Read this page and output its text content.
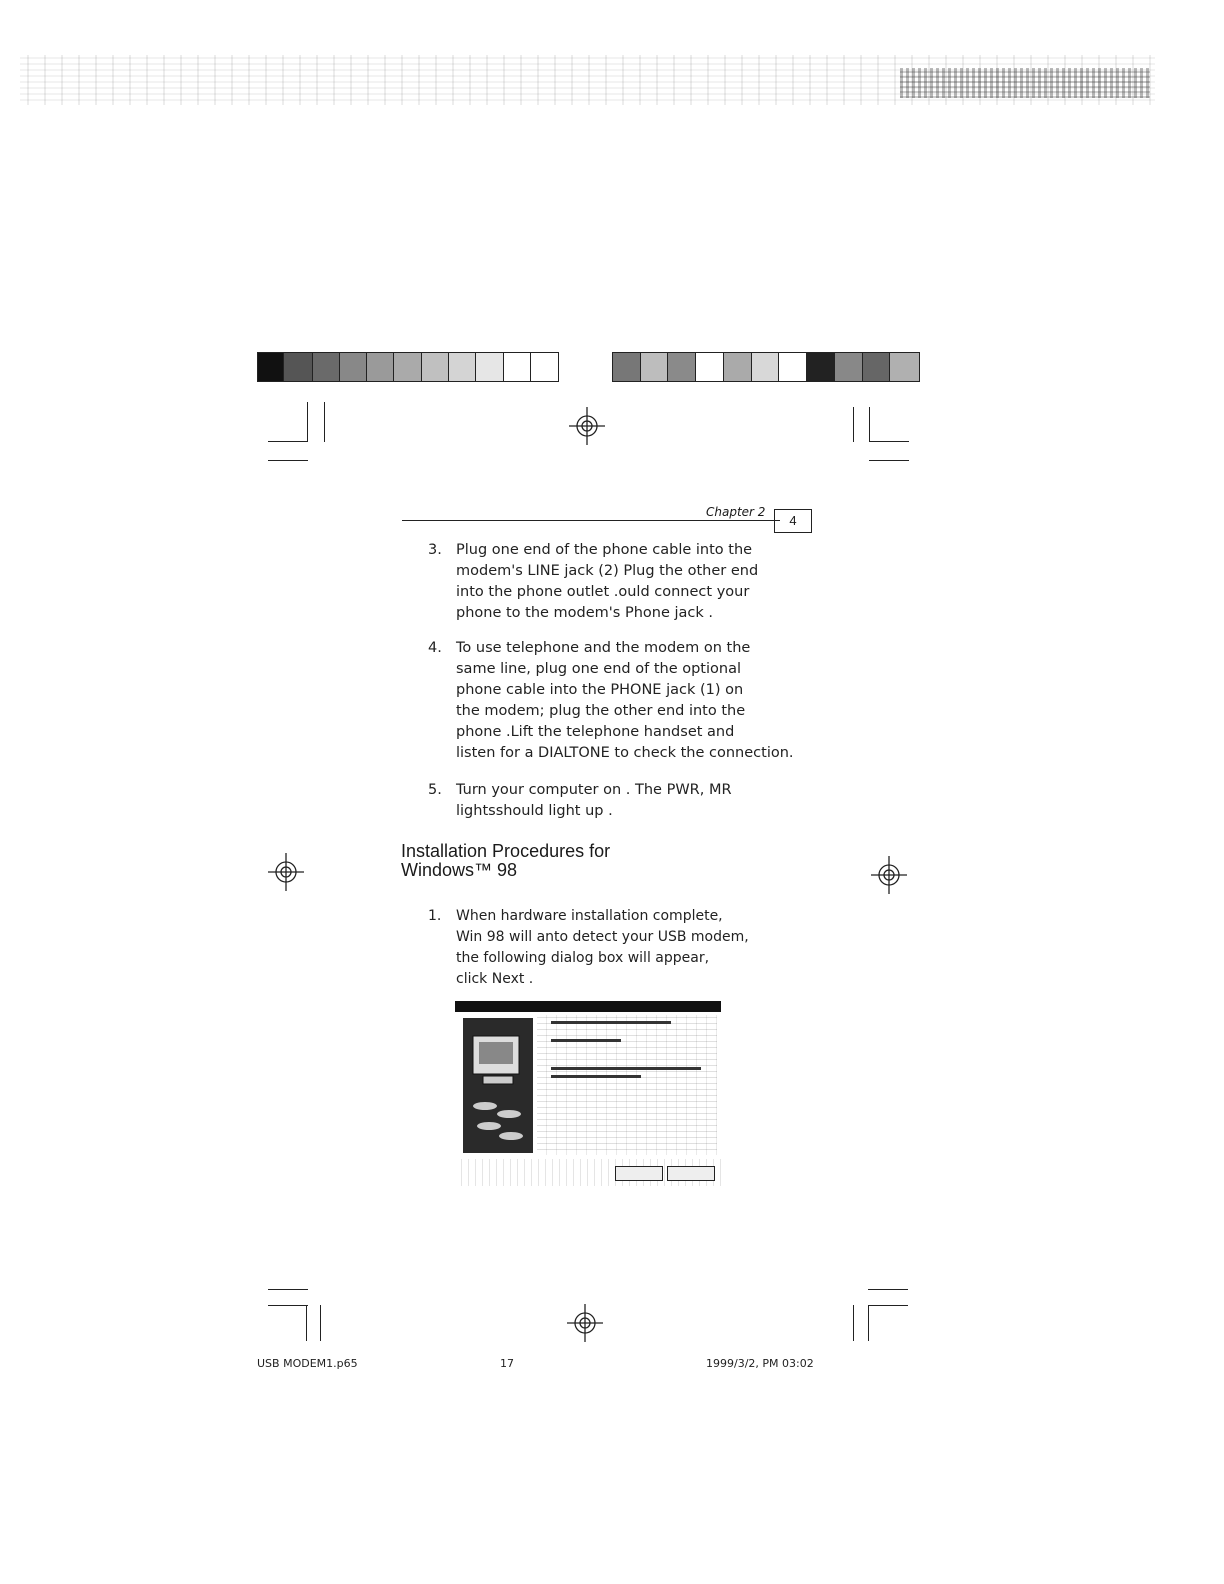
Chapter 2
4
3. Plug one end of the phone cable into the
modem's LINE jack (2) Plug the other end
into the phone outlet .ould connect your
phone to the modem's Phone jack .
4. To use telephone and the modem on the
same line, plug one end of the optional
phone cable into the PHONE jack (1) on
the modem; plug the other end into the
phone .Lift the telephone handset and
listen for a DIALTONE to check the connection.
5. Turn your computer on . The PWR, MR
lightsshould light up .
Installation Procedures for
Windows™ 98
1. When hardware installation complete,
Win 98 will anto detect your USB modem,
the following dialog box will appear,
click Next .
USB MODEM1.p65	17	1999/3/2, PM 03:02
